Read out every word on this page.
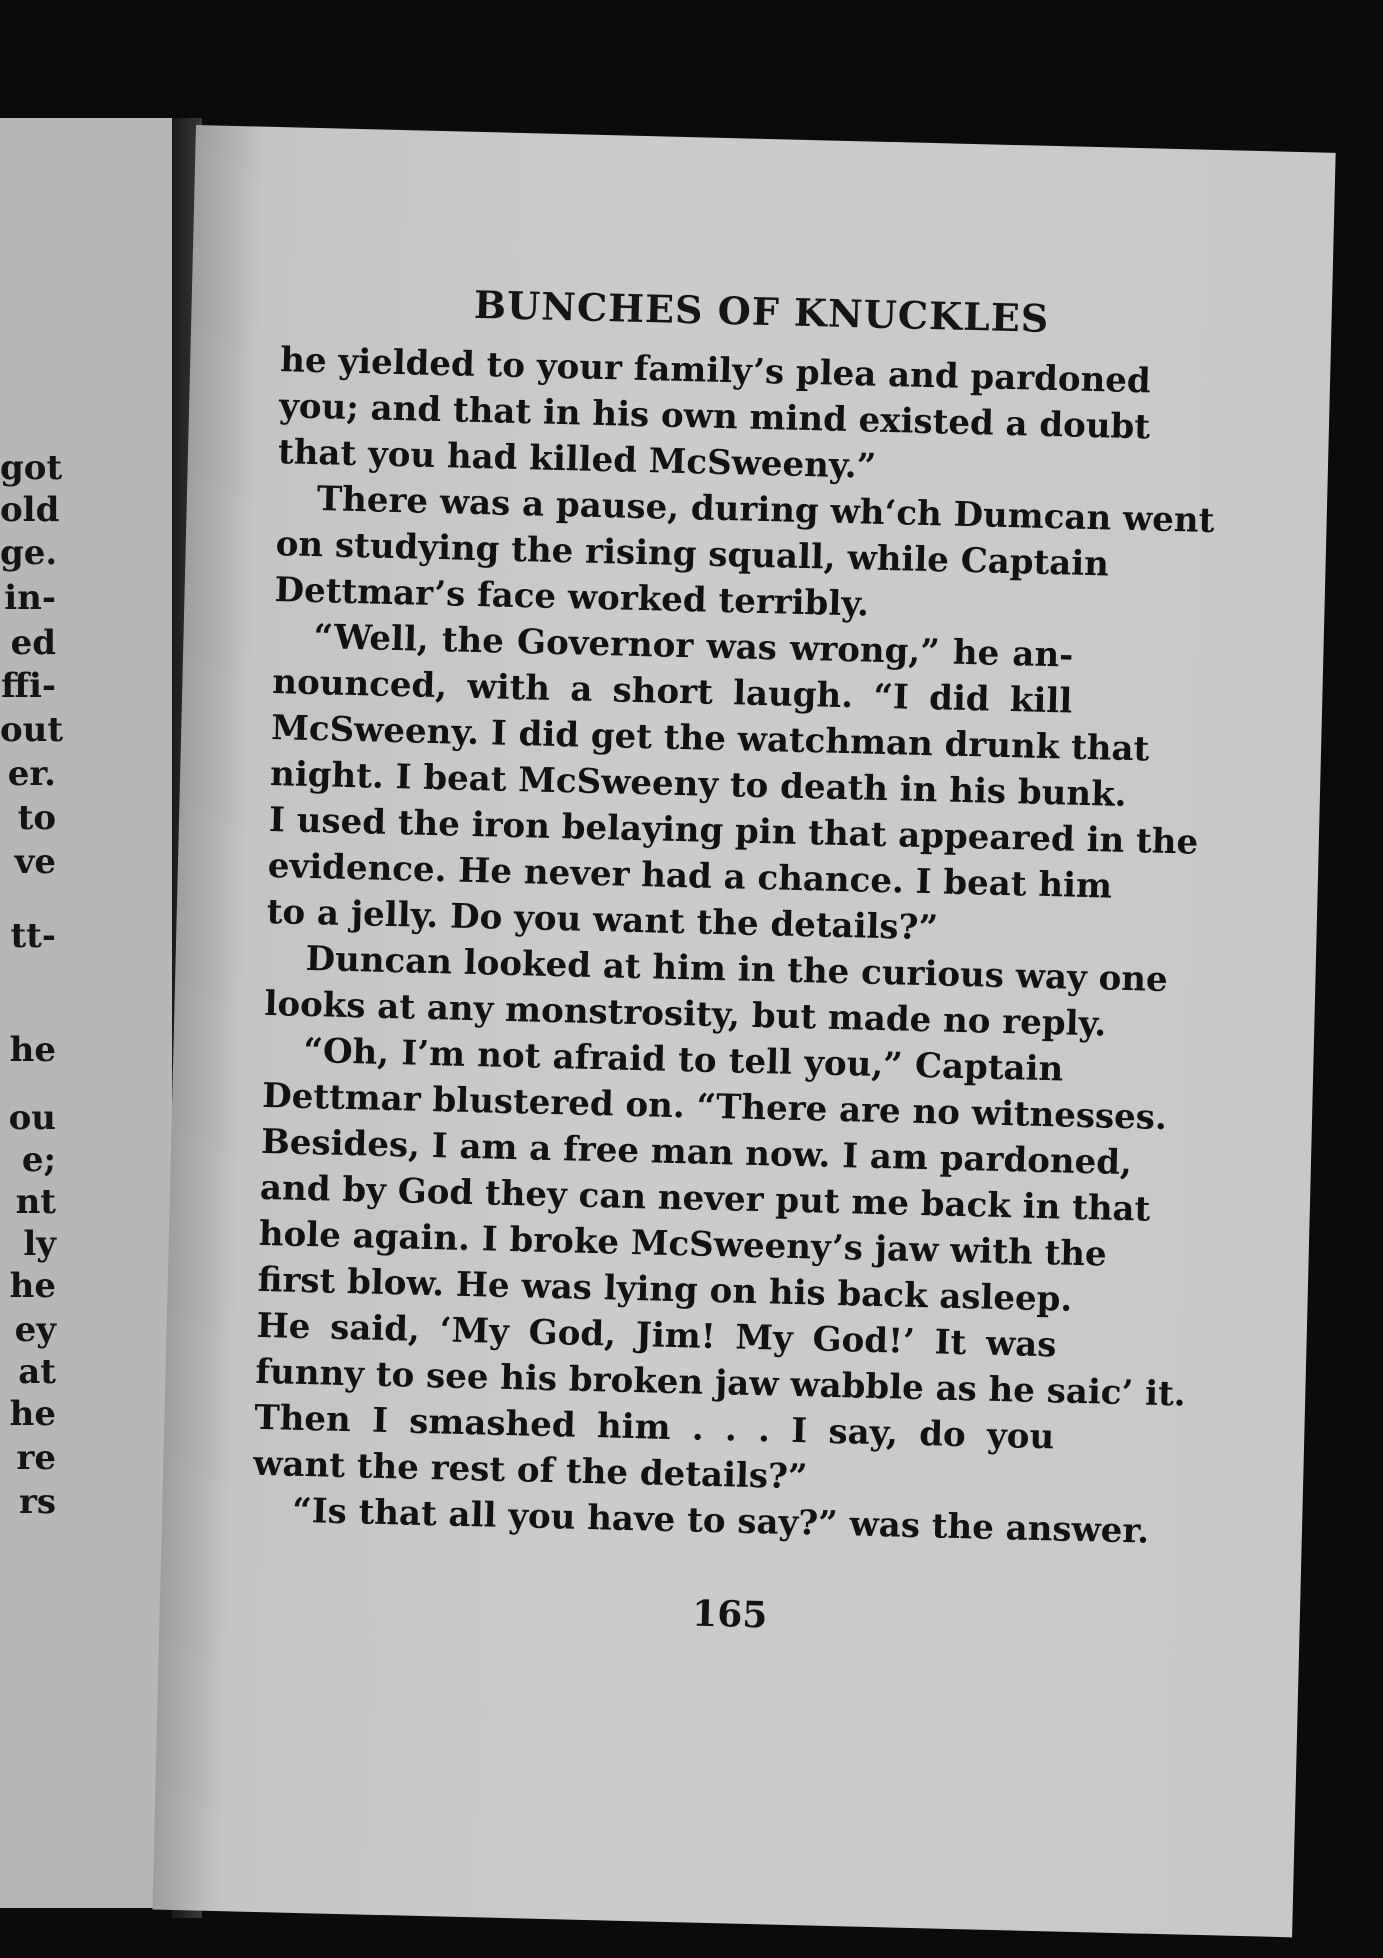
got
old
ge.
in-
ed
ffi-
out
er.
to
ve
tt-
he
ou
e;
nt
ly
he
ey
at
he
re
rs
BUNCHES OF KNUCKLES
he yielded to your family’s plea and pardoned
you; and that in his own mind existed a doubt
that you had killed McSweeny.”
There was a pause, during wh‘ch Dumcan went
on studying the rising squall, while Captain
Dettmar’s face worked terribly.
“Well, the Governor was wrong,” he an-
nounced, with a short laugh. “I did kill
McSweeny. I did get the watchman drunk that
night. I beat McSweeny to death in his bunk.
I used the iron belaying pin that appeared in the
evidence. He never had a chance. I beat him
to a jelly. Do you want the details?”
Duncan looked at him in the curious way one
looks at any monstrosity, but made no reply.
“Oh, I’m not afraid to tell you,” Captain
Dettmar blustered on. “There are no witnesses.
Besides, I am a free man now. I am pardoned,
and by God they can never put me back in that
hole again. I broke McSweeny’s jaw with the
first blow. He was lying on his back asleep.
He said, ‘My God, Jim! My God!’ It was
funny to see his broken jaw wabble as he saic’ it.
Then I smashed him . . . I say, do you
want the rest of the details?”
“Is that all you have to say?” was the answer.
165
